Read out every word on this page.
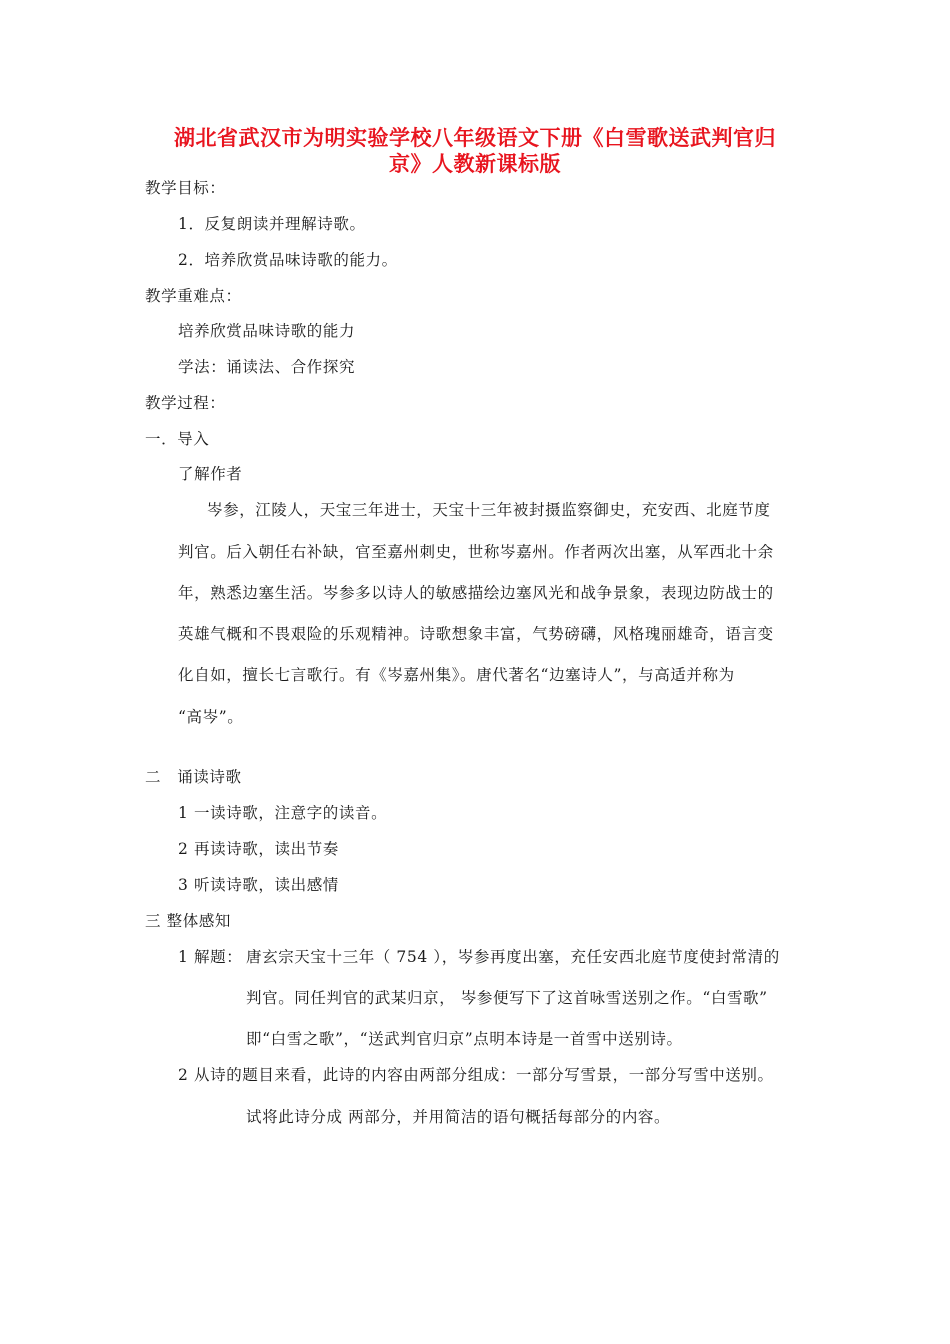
湖北省武汉市为明实验学校八年级语文下册《白雪歌送武判官归
京》人教新课标版
教学目标：
1．反复朗读并理解诗歌。
2．培养欣赏品味诗歌的能力。
教学重难点：
培养欣赏品味诗歌的能力
学法：诵读法、合作探究
教学过程：
一．导入
了解作者
岑参，江陵人，天宝三年进士，天宝十三年被封摄监察御史，充安西、北庭节度
判官。后入朝任右补缺，官至嘉州刺史，世称岑嘉州。作者两次出塞，从军西北十余
年，熟悉边塞生活。岑参多以诗人的敏感描绘边塞风光和战争景象，表现边防战士的
英雄气概和不畏艰险的乐观精神。诗歌想象丰富，气势磅礴，风格瑰丽雄奇，语言变
化自如，擅长七言歌行。有《岑嘉州集》。唐代著名“边塞诗人”，与高适并称为
“高岑”。
二　诵读诗歌
1 一读诗歌，注意字的读音。
2 再读诗歌，读出节奏
3 听读诗歌，读出感情
三 整体感知
1 解题： 唐玄宗天宝十三年（ 754 ），岑参再度出塞，充任安西北庭节度使封常清的
判官。同任判官的武某归京， 岑参便写下了这首咏雪送别之作。“白雪歌”
即“白雪之歌”，“送武判官归京”点明本诗是一首雪中送别诗。
2 从诗的题目来看，此诗的内容由两部分组成：一部分写雪景，一部分写雪中送别。
试将此诗分成 两部分，并用简洁的语句概括每部分的内容。
